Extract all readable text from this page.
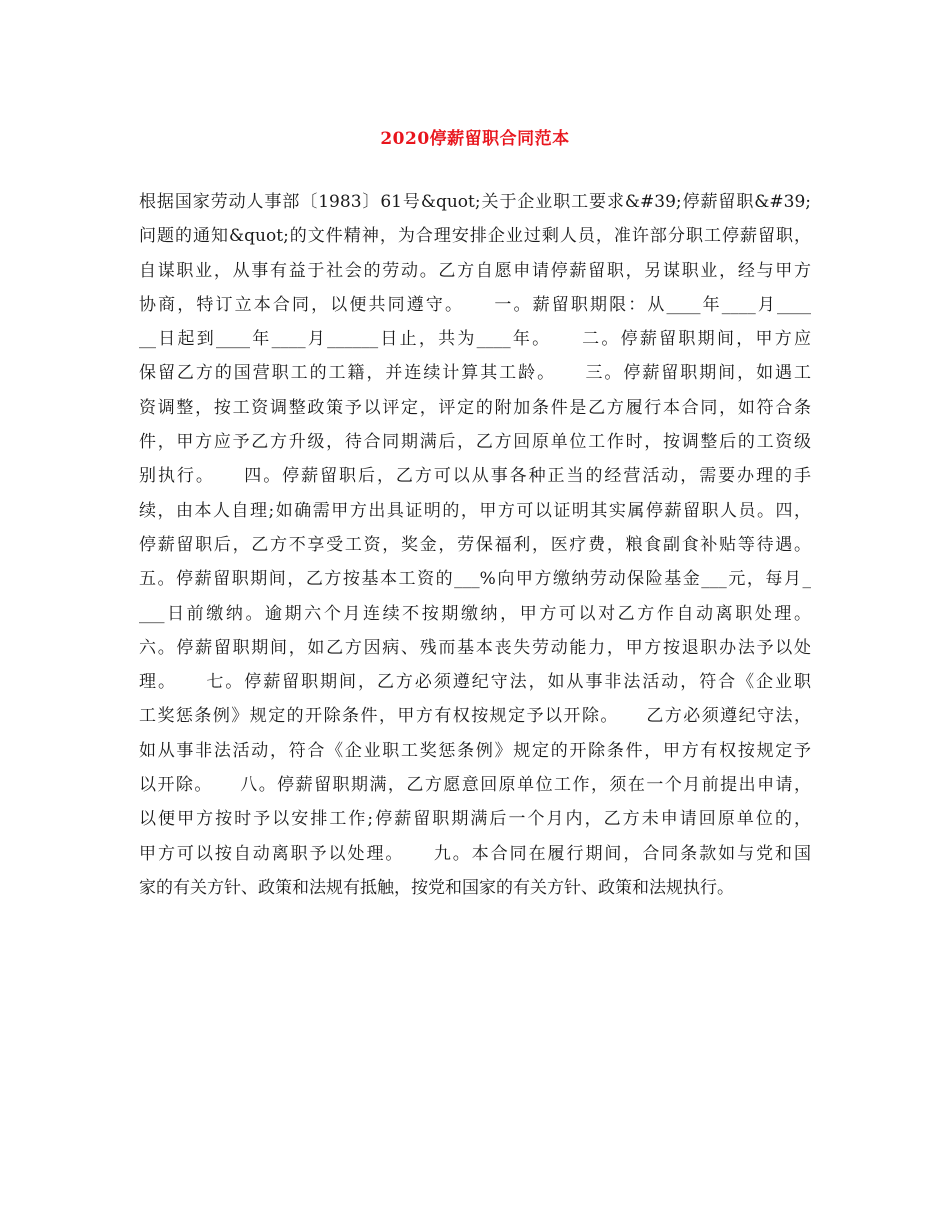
2020停薪留职合同范本
根据国家劳动人事部〔1983〕61号&quot;关于企业职工要求&#39;停薪留职&#39;
问题的通知&quot;的文件精神，为合理安排企业过剩人员，准许部分职工停薪留职，
自谋职业，从事有益于社会的劳动。乙方自愿申请停薪留职，另谋职业，经与甲方
协商，特订立本合同，以便共同遵守。    一。薪留职期限：从____年____月____
__日起到____年____月______日止，共为____年。    二。停薪留职期间，甲方应
保留乙方的国营职工的工籍，并连续计算其工龄。    三。停薪留职期间，如遇工
资调整，按工资调整政策予以评定，评定的附加条件是乙方履行本合同，如符合条
件，甲方应予乙方升级，待合同期满后，乙方回原单位工作时，按调整后的工资级
别执行。    四。停薪留职后，乙方可以从事各种正当的经营活动，需要办理的手
续，由本人自理;如确需甲方出具证明的，甲方可以证明其实属停薪留职人员。四，
停薪留职后，乙方不享受工资，奖金，劳保福利，医疗费，粮食副食补贴等待遇。
五。停薪留职期间，乙方按基本工资的___%向甲方缴纳劳动保险基金___元，每月_
___日前缴纳。逾期六个月连续不按期缴纳，甲方可以对乙方作自动离职处理。
六。停薪留职期间，如乙方因病、残而基本丧失劳动能力，甲方按退职办法予以处
理。    七。停薪留职期间，乙方必须遵纪守法，如从事非法活动，符合《企业职
工奖惩条例》规定的开除条件，甲方有权按规定予以开除。    乙方必须遵纪守法，
如从事非法活动，符合《企业职工奖惩条例》规定的开除条件，甲方有权按规定予
以开除。    八。停薪留职期满，乙方愿意回原单位工作，须在一个月前提出申请，
以便甲方按时予以安排工作;停薪留职期满后一个月内，乙方未申请回原单位的，
甲方可以按自动离职予以处理。    九。本合同在履行期间，合同条款如与党和国
家的有关方针、政策和法规有抵触，按党和国家的有关方针、政策和法规执行。
